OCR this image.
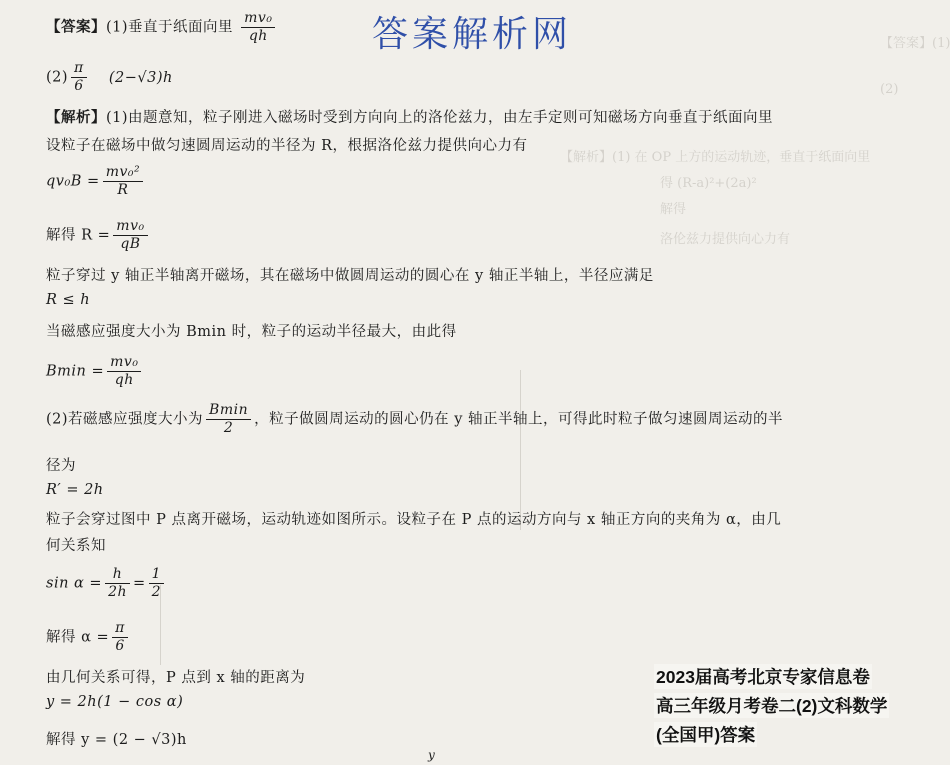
【答案】(1)
(2)
【解析】(1) 在 OP 上方的运动轨迹，垂直于纸面向里
得 (R-a)²+(2a)²
解得
洛伦兹力提供向心力有
答案解析网
【答案】(1)垂直于纸面向里 $\frac{\text{mv₀}}{qh}$
$(2) \frac{\pi}{6} (2-√3)h$
【解析】(1)由题意知，粒子刚进入磁场时受到方向向上的洛伦兹力，由左手定则可知磁场方向垂直于纸面向里
设粒子在磁场中做匀速圆周运动的半径为 R，根据洛伦兹力提供向心力有
$qv_0B = \frac{\text{mv₀²}}{R}$
解得 $R = \frac{\text{mv₀}}{qB}$
粒子穿过 y 轴正半轴离开磁场，其在磁场中做圆周运动的圆心在 y 轴正半轴上，半径应满足
R ≤ h
当磁感应强度大小为 Bmin 时，粒子的运动半径最大，由此得
$Bmin = \frac{\text{mv₀}}{qh}$
(2)若磁感应强度大小为 $\frac{Bmin}{2}$ ，粒子做圆周运动的圆心仍在 y 轴正半轴上，可得此时粒子做匀速圆周运动的半
径为
R′ = 2h
粒子会穿过图中 P 点离开磁场，运动轨迹如图所示。设粒子在 P 点的运动方向与 x 轴正方向的夹角为 α，由几
何关系知
$\sin \alpha = \frac{h}{2h} = \frac{1}{2}$
解得 $\alpha = \frac{\pi}{6}$
由几何关系可得，P 点到 x 轴的距离为
y = 2h(1 − cos α)
解得 y = (2 − √3)h
y
2023届高考北京专家信息卷
高三年级月考卷二(2)文科数学
(全国甲)答案
